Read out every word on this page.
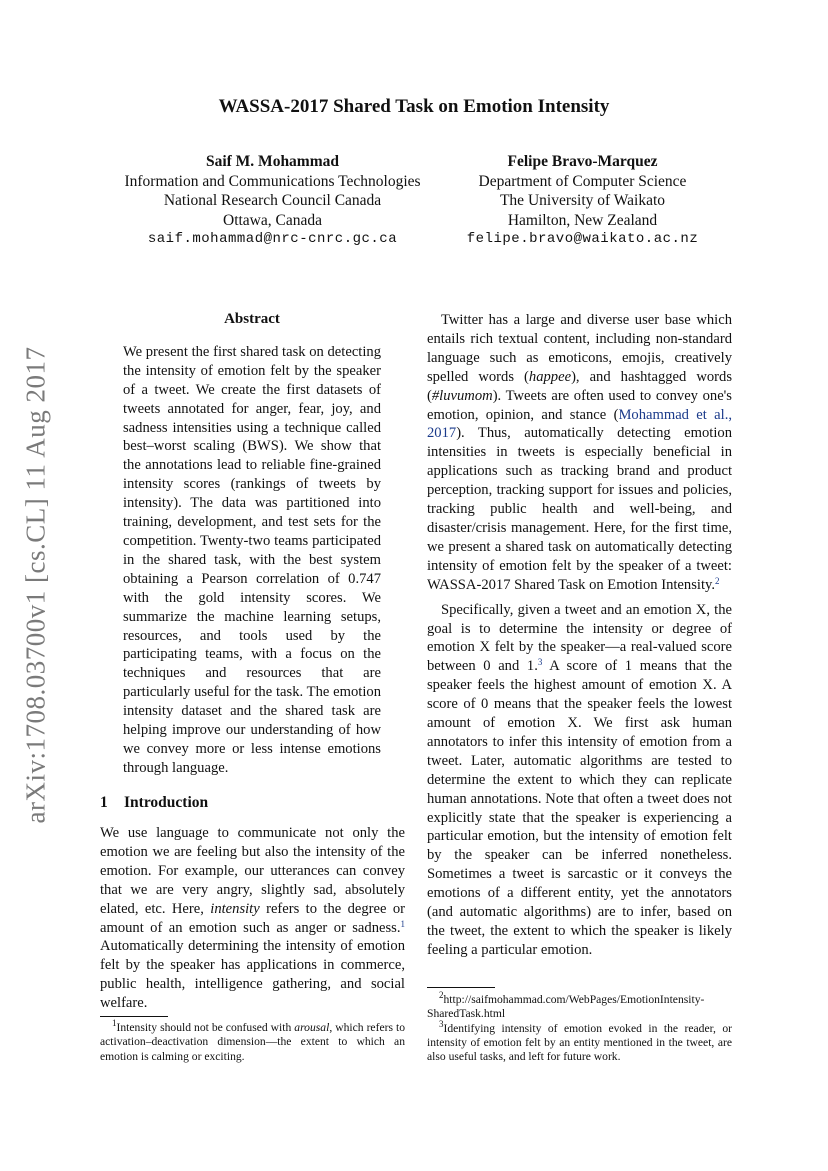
WASSA-2017 Shared Task on Emotion Intensity
Saif M. Mohammad
Information and Communications Technologies
National Research Council Canada
Ottawa, Canada
saif.mohammad@nrc-cnrc.gc.ca
Felipe Bravo-Marquez
Department of Computer Science
The University of Waikato
Hamilton, New Zealand
felipe.bravo@waikato.ac.nz
arXiv:1708.03700v1 [cs.CL] 11 Aug 2017
Abstract

We present the first shared task on detecting the intensity of emotion felt by the speaker of a tweet. We create the first datasets of tweets annotated for anger, fear, joy, and sadness intensities using a technique called best–worst scaling (BWS). We show that the annotations lead to reliable fine-grained intensity scores (rankings of tweets by intensity). The data was partitioned into training, development, and test sets for the competition. Twenty-two teams participated in the shared task, with the best system obtaining a Pearson correlation of 0.747 with the gold intensity scores. We summarize the machine learning setups, resources, and tools used by the participating teams, with a focus on the techniques and resources that are particularly useful for the task. The emotion intensity dataset and the shared task are helping improve our understanding of how we convey more or less intense emotions through language.

1 Introduction

We use language to communicate not only the emotion we are feeling but also the intensity of the emotion. For example, our utterances can convey that we are very angry, slightly sad, absolutely elated, etc. Here, intensity refers to the degree or amount of an emotion such as anger or sadness.$^1$ Automatically determining the intensity of emotion felt by the speaker has applications in commerce, public health, intelligence gathering, and social welfare.

$^1$Intensity should not be confused with arousal, which refers to activation–deactivation dimension—the extent to which an emotion is calming or exciting.

Twitter has a large and diverse user base which entails rich textual content, including non-standard language such as emoticons, emojis, creatively spelled words (happee), and hashtagged words (#luvumom). Tweets are often used to convey one's emotion, opinion, and stance (Mohammad et al., 2017). Thus, automatically detecting emotion intensities in tweets is especially beneficial in applications such as tracking brand and product perception, tracking support for issues and policies, tracking public health and well-being, and disaster/crisis management. Here, for the first time, we present a shared task on automatically detecting intensity of emotion felt by the speaker of a tweet: WASSA-2017 Shared Task on Emotion Intensity.$^2$

Specifically, given a tweet and an emotion X, the goal is to determine the intensity or degree of emotion X felt by the speaker—a real-valued score between 0 and 1.$^3$ A score of 1 means that the speaker feels the highest amount of emotion X. A score of 0 means that the speaker feels the lowest amount of emotion X. We first ask human annotators to infer this intensity of emotion from a tweet. Later, automatic algorithms are tested to determine the extent to which they can replicate human annotations. Note that often a tweet does not explicitly state that the speaker is experiencing a particular emotion, but the intensity of emotion felt by the speaker can be inferred nonetheless. Sometimes a tweet is sarcastic or it conveys the emotions of a different entity, yet the annotators (and automatic algorithms) are to infer, based on the tweet, the extent to which the speaker is likely feeling a particular emotion.

$^2$http://saifmohammad.com/WebPages/EmotionIntensity-SharedTask.html

$^3$Identifying intensity of emotion evoked in the reader, or intensity of emotion felt by an entity mentioned in the tweet, are also useful tasks, and left for future work.
